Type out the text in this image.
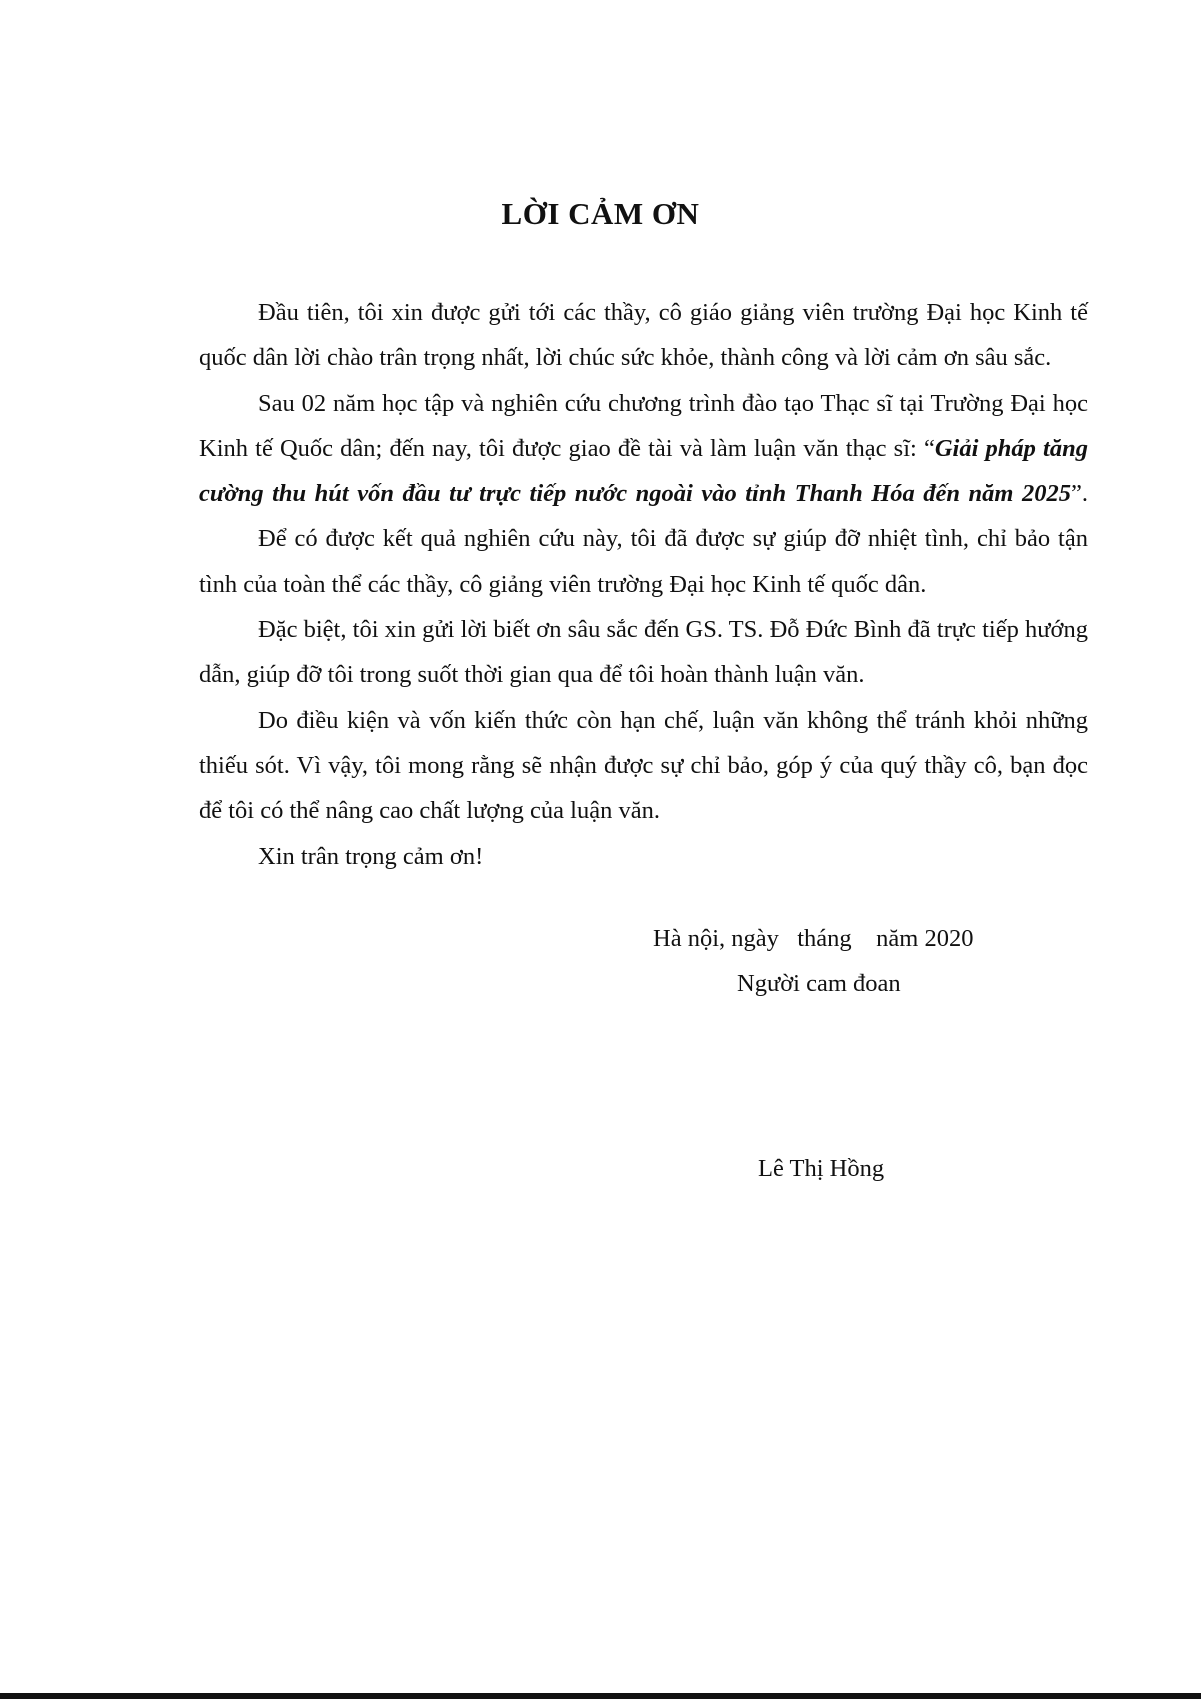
LỜI CẢM ƠN

Đầu tiên, tôi xin được gửi tới các thầy, cô giáo giảng viên trường Đại học Kinh tế quốc dân lời chào trân trọng nhất, lời chúc sức khỏe, thành công và lời cảm ơn sâu sắc.

Sau 02 năm học tập và nghiên cứu chương trình đào tạo Thạc sĩ tại Trường Đại học Kinh tế Quốc dân; đến nay, tôi được giao đề tài và làm luận văn thạc sĩ: “Giải pháp tăng cường thu hút vốn đầu tư trực tiếp nước ngoài vào tỉnh Thanh Hóa đến năm 2025”.

Để có được kết quả nghiên cứu này, tôi đã được sự giúp đỡ nhiệt tình, chỉ bảo tận tình của toàn thể các thầy, cô giảng viên trường Đại học Kinh tế quốc dân.

Đặc biệt, tôi xin gửi lời biết ơn sâu sắc đến GS. TS. Đỗ Đức Bình đã trực tiếp hướng dẫn, giúp đỡ tôi trong suốt thời gian qua để tôi hoàn thành luận văn.

Do điều kiện và vốn kiến thức còn hạn chế, luận văn không thể tránh khỏi những thiếu sót. Vì vậy, tôi mong rằng sẽ nhận được sự chỉ bảo, góp ý của quý thầy cô, bạn đọc để tôi có thể nâng cao chất lượng của luận văn.

Xin trân trọng cảm ơn!

Hà nội, ngày   tháng    năm 2020
Người cam đoan
Lê Thị Hồng
